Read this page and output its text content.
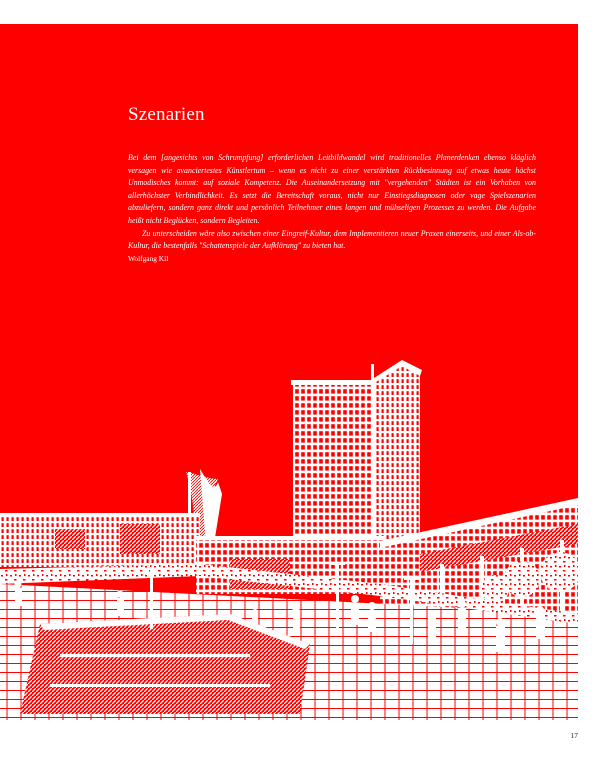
Szenarien

Bei dem [angesichts von Schrumpfung] erforderlichen Leitbildwandel wird traditionelles Planerdenken ebenso kläglich versagen wie avanciertestes Künstlertum – wenn es nicht zu einer verstärkten Rückbesinnung auf etwas heute höchst Unmodisches kommt: auf soziale Kompetenz. Die Auseinandersetzung mit "vergehenden" Städten ist ein Vorhaben von allerhöchster Verbindlichkeit. Es setzt die Bereitschaft voraus, nicht nur Einstiegsdiagnosen oder vage Spielszenarien abzuliefern, sondern ganz direkt und persönlich Teilnehmer eines langen und mühseligen Prozesses zu werden. Die Aufgabe heißt nicht Beglücken, sondern Begleiten.

Zu unterscheiden wäre also zwischen einer Eingreif-Kultur, dem Implementieren neuer Praxen einerseits, und einer Als-ob-Kultur, die bestenfalls "Schattenspiele der Aufklärung" zu bieten hat.

Wolfgang Kil

17
